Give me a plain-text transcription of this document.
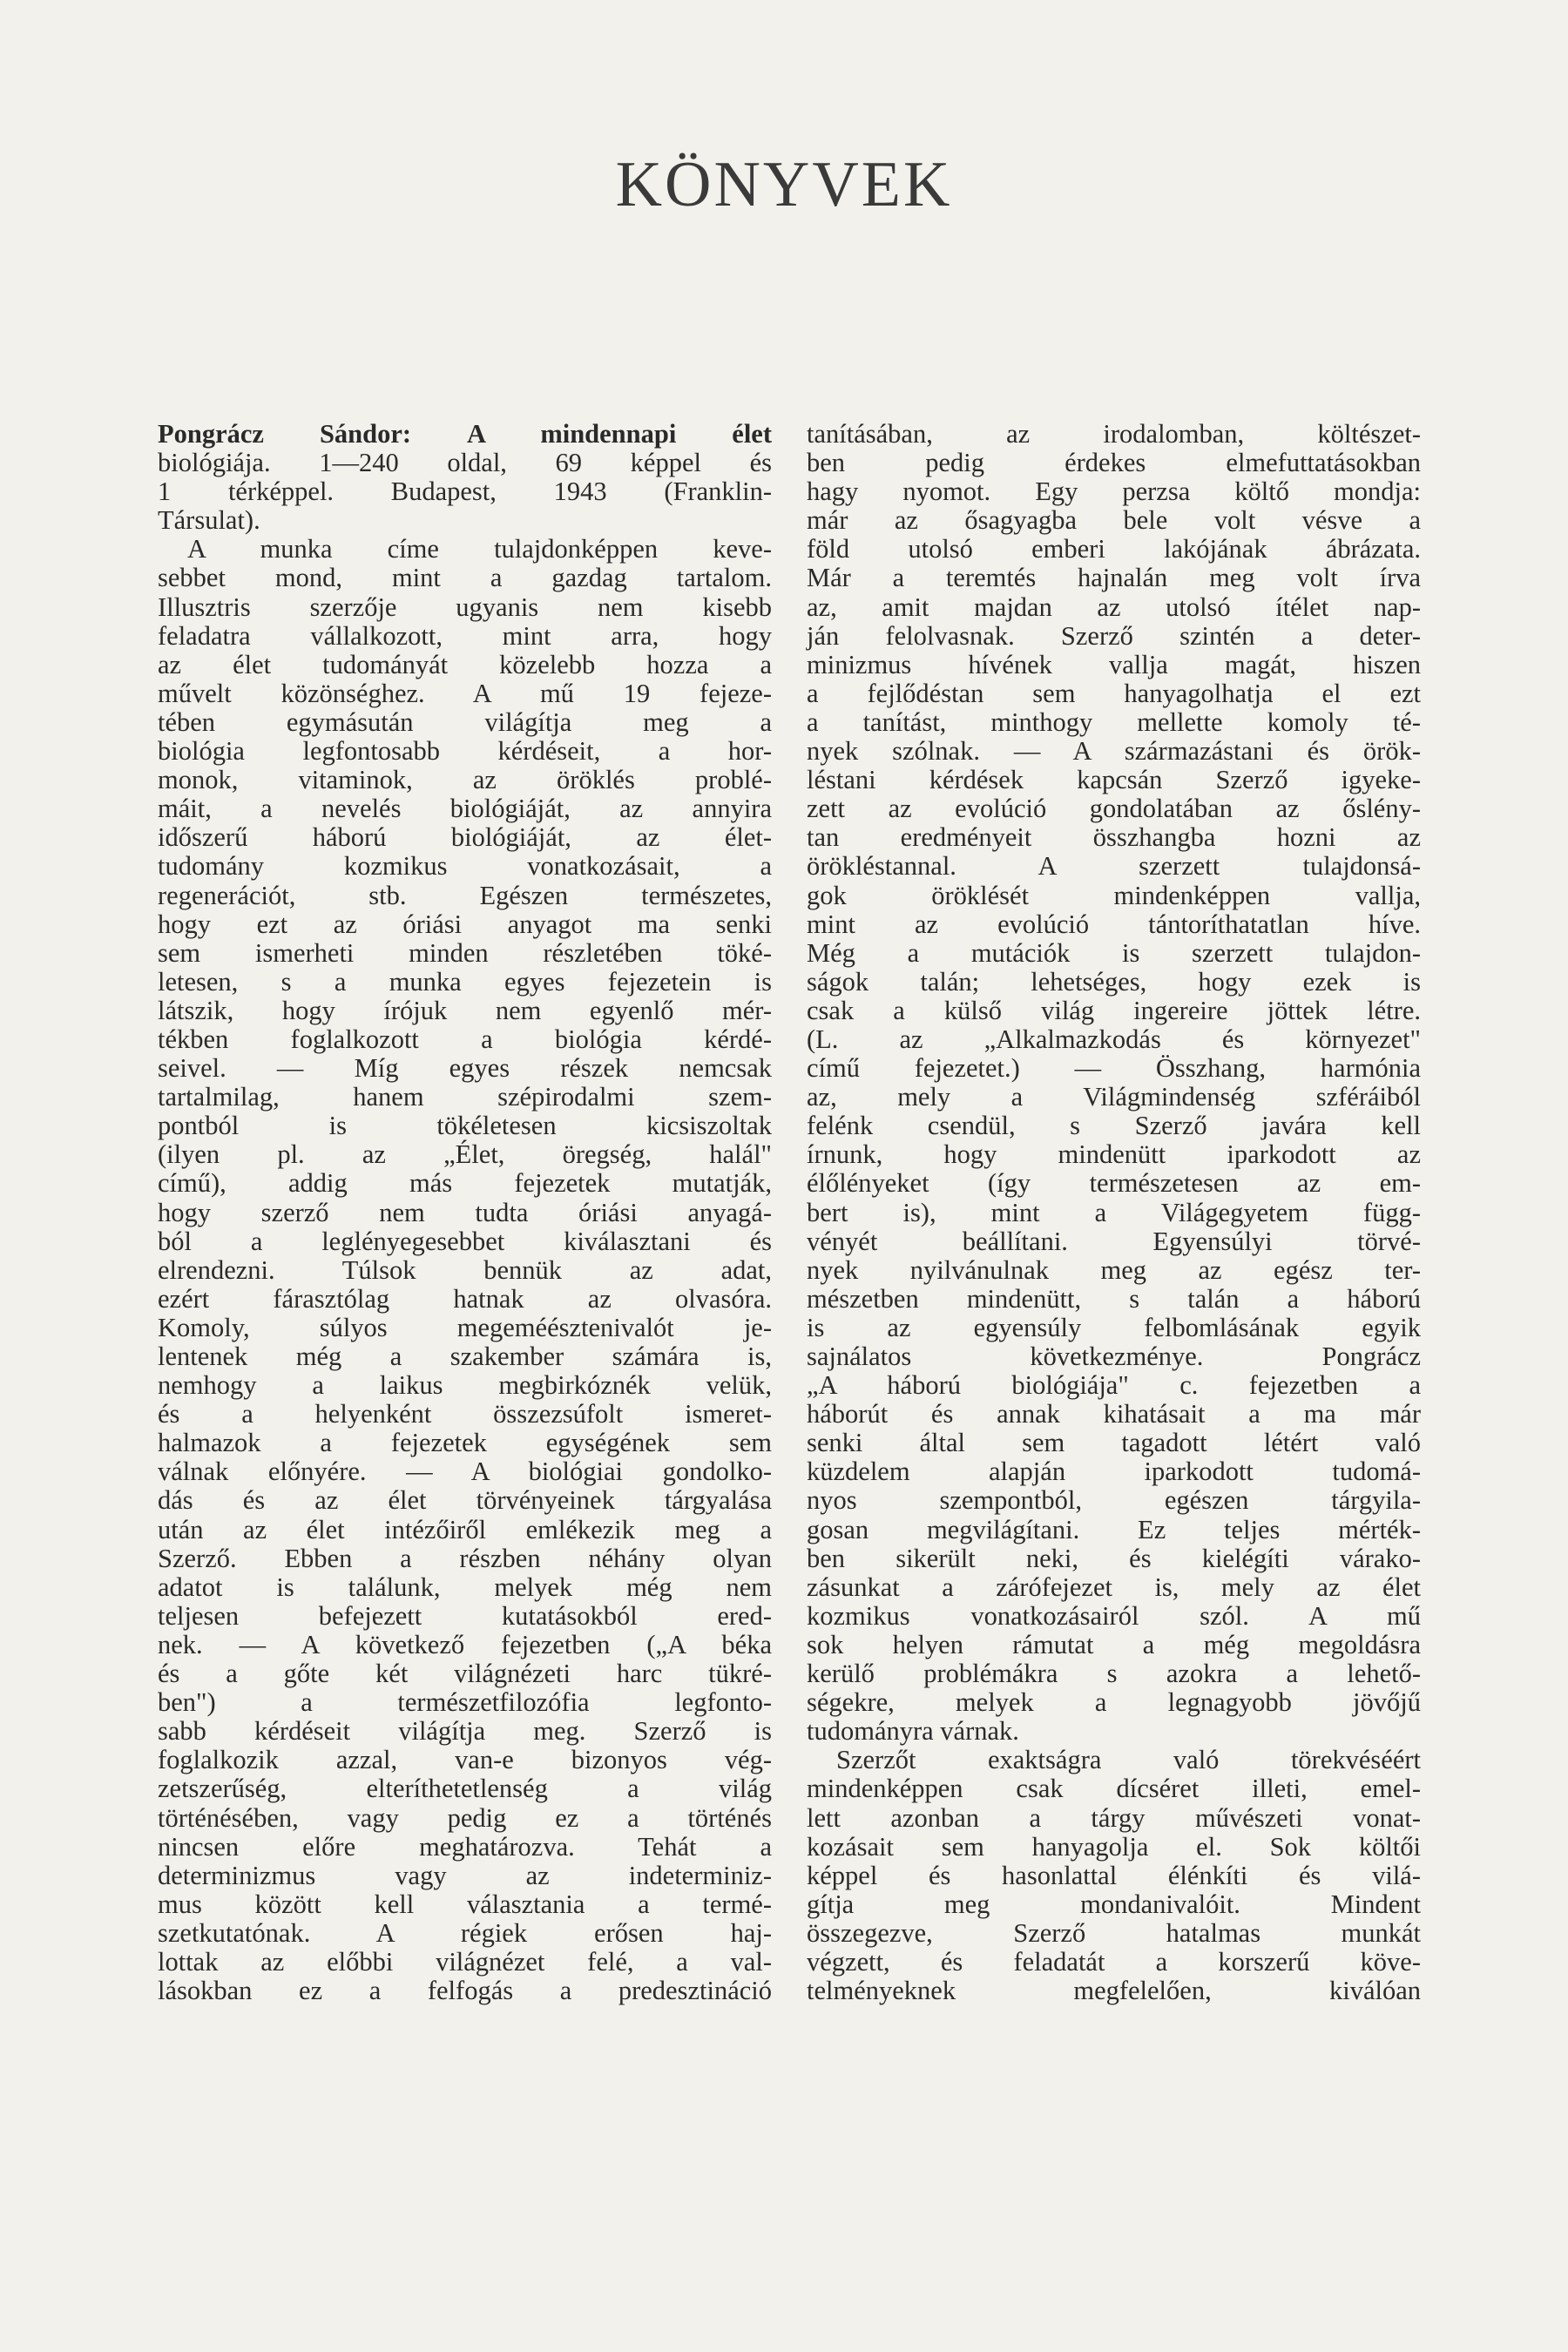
KÖNYVEK
Pongrácz Sándor: A mindennapi élet
biológiája. 1—240 oldal, 69 képpel és
1 térképpel. Budapest, 1943 (Franklin-
Társulat).
A munka címe tulajdonképpen keve-
sebbet mond, mint a gazdag tartalom.
Illusztris szerzője ugyanis nem kisebb
feladatra vállalkozott, mint arra, hogy
az élet tudományát közelebb hozza a
művelt közönséghez. A mű 19 fejeze-
tében egymásután világítja meg a
biológia legfontosabb kérdéseit, a hor-
monok, vitaminok, az öröklés problé-
máit, a nevelés biológiáját, az annyira
időszerű háború biológiáját, az élet-
tudomány kozmikus vonatkozásait, a
regenerációt, stb. Egészen természetes,
hogy ezt az óriási anyagot ma senki
sem ismerheti minden részletében töké-
letesen, s a munka egyes fejezetein is
látszik, hogy írójuk nem egyenlő mér-
tékben foglalkozott a biológia kérdé-
seivel. — Míg egyes részek nemcsak
tartalmilag, hanem szépirodalmi szem-
pontból is tökéletesen kicsiszoltak
(ilyen pl. az „Élet, öregség, halál"
című), addig más fejezetek mutatják,
hogy szerző nem tudta óriási anyagá-
ból a leglényegesebbet kiválasztani és
elrendezni. Túlsok bennük az adat,
ezért fárasztólag hatnak az olvasóra.
Komoly, súlyos megeméésztenivalót je-
lentenek még a szakember számára is,
nemhogy a laikus megbirkóznék velük,
és a helyenként összezsúfolt ismeret-
halmazok a fejezetek egységének sem
válnak előnyére. — A biológiai gondolko-
dás és az élet törvényeinek tárgyalása
után az élet intézőiről emlékezik meg a
Szerző. Ebben a részben néhány olyan
adatot is találunk, melyek még nem
teljesen befejezett kutatásokból ered-
nek. — A következő fejezetben („A béka
és a gőte két világnézeti harc tükré-
ben") a természetfilozófia legfonto-
sabb kérdéseit világítja meg. Szerző is
foglalkozik azzal, van-e bizonyos vég-
zetszerűség, elteríthetetlenség a világ
történésében, vagy pedig ez a történés
nincsen előre meghatározva. Tehát a
determinizmus vagy az indeterminiz-
mus között kell választania a termé-
szetkutatónak. A régiek erősen haj-
lottak az előbbi világnézet felé, a val-
lásokban ez a felfogás a predesztináció
tanításában, az irodalomban, költészet-
ben pedig érdekes elmefuttatásokban
hagy nyomot. Egy perzsa költő mondja:
már az ősagyagba bele volt vésve a
föld utolsó emberi lakójának ábrázata.
Már a teremtés hajnalán meg volt írva
az, amit majdan az utolsó ítélet nap-
ján felolvasnak. Szerző szintén a deter-
minizmus hívének vallja magát, hiszen
a fejlődéstan sem hanyagolhatja el ezt
a tanítást, minthogy mellette komoly té-
nyek szólnak. — A származástani és örök-
léstani kérdések kapcsán Szerző igyeke-
zett az evolúció gondolatában az őslény-
tan eredményeit összhangba hozni az
örökléstannal. A szerzett tulajdonsá-
gok öröklését mindenképpen vallja,
mint az evolúció tántoríthatatlan híve.
Még a mutációk is szerzett tulajdon-
ságok talán; lehetséges, hogy ezek is
csak a külső világ ingereire jöttek létre.
(L. az „Alkalmazkodás és környezet"
című fejezetet.) — Összhang, harmónia
az, mely a Világmindenség szféráiból
felénk csendül, s Szerző javára kell
írnunk, hogy mindenütt iparkodott az
élőlényeket (így természetesen az em-
bert is), mint a Világegyetem függ-
vényét beállítani. Egyensúlyi törvé-
nyek nyilvánulnak meg az egész ter-
mészetben mindenütt, s talán a háború
is az egyensúly felbomlásának egyik
sajnálatos következménye. Pongrácz
„A háború biológiája" c. fejezetben a
háborút és annak kihatásait a ma már
senki által sem tagadott létért való
küzdelem alapján iparkodott tudomá-
nyos szempontból, egészen tárgyila-
gosan megvilágítani. Ez teljes mérték-
ben sikerült neki, és kielégíti várako-
zásunkat a zárófejezet is, mely az élet
kozmikus vonatkozásairól szól. A mű
sok helyen rámutat a még megoldásra
kerülő problémákra s azokra a lehető-
ségekre, melyek a legnagyobb jövőjű
tudományra várnak.
Szerzőt exaktságra való törekvéséért
mindenképpen csak dícséret illeti, emel-
lett azonban a tárgy művészeti vonat-
kozásait sem hanyagolja el. Sok költői
képpel és hasonlattal élénkíti és vilá-
gítja meg mondanivalóit. Mindent
összegezve, Szerző hatalmas munkát
végzett, és feladatát a korszerű köve-
telményeknek megfelelően, kiválóan
